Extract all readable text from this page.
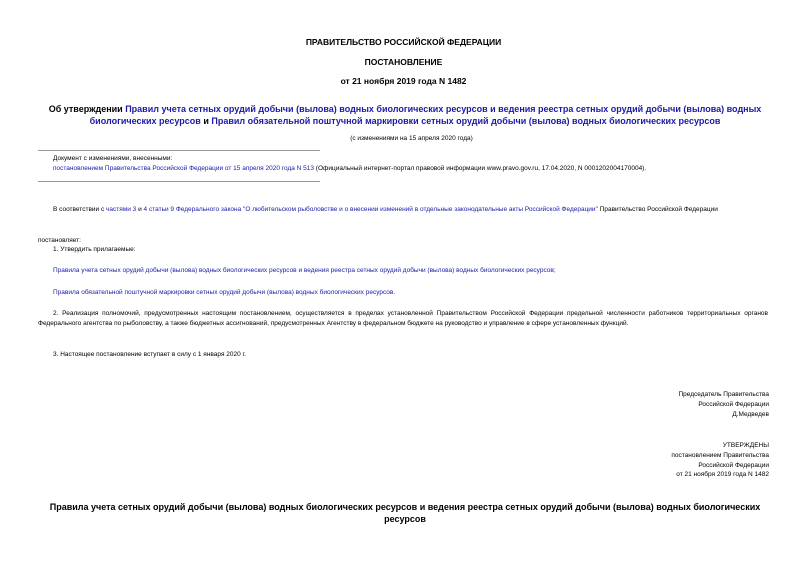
ПРАВИТЕЛЬСТВО РОССИЙСКОЙ ФЕДЕРАЦИИ
ПОСТАНОВЛЕНИЕ
от 21 ноября 2019 года N 1482
Об утверждении Правил учета сетных орудий добычи (вылова) водных биологических ресурсов и ведения реестра сетных орудий добычи (вылова) водных биологических ресурсов и Правил обязательной поштучной маркировки сетных орудий добычи (вылова) водных биологических ресурсов
(с изменениями на 15 апреля 2020 года)
Документ с изменениями, внесенными:
постановлением Правительства Российской Федерации от 15 апреля 2020 года N 513 (Официальный интернет-портал правовой информации www.pravo.gov.ru, 17.04.2020, N 0001202004170004).
В соответствии с частями 3 и 4 статьи 9 Федерального закона "О любительском рыболовстве и о внесении изменений в отдельные законодательные акты Российской Федерации" Правительство Российской Федерации
постановляет:
1. Утвердить прилагаемые:
Правила учета сетных орудий добычи (вылова) водных биологических ресурсов и ведения реестра сетных орудий добычи (вылова) водных биологических ресурсов;
Правила обязательной поштучной маркировки сетных орудий добычи (вылова) водных биологических ресурсов.
2. Реализация полномочий, предусмотренных настоящим постановлением, осуществляется в пределах установленной Правительством Российской Федерации предельной численности работников территориальных органов Федерального агентства по рыболовству, а также бюджетных ассигнований, предусмотренных Агентству в федеральном бюджете на руководство и управление в сфере установленных функций.
3. Настоящее постановление вступает в силу с 1 января 2020 г.
Председатель Правительства
Российской Федерации
Д.Медведев
УТВЕРЖДЕНЫ
постановлением Правительства
Российской Федерации
от 21 ноября 2019 года N 1482
Правила учета сетных орудий добычи (вылова) водных биологических ресурсов и ведения реестра сетных орудий добычи (вылова) водных биологических ресурсов
